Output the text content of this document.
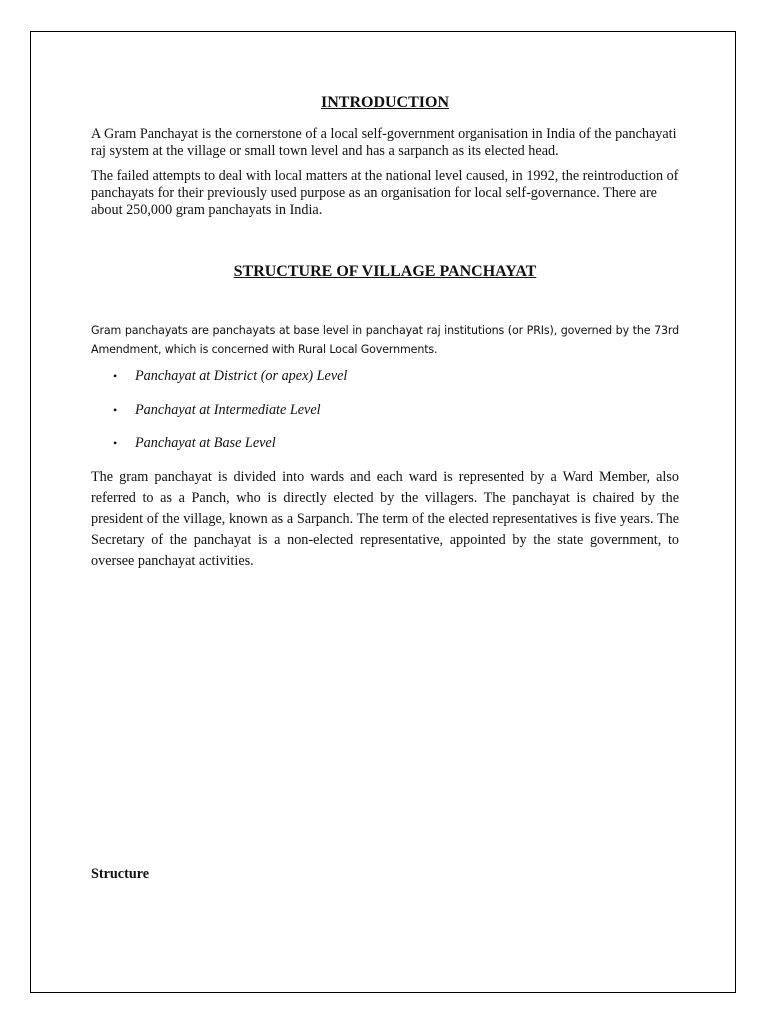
INTRODUCTION

A Gram Panchayat is the cornerstone of a local self-government organisation in India of the panchayati raj system at the village or small town level and has a sarpanch as its elected head.

The failed attempts to deal with local matters at the national level caused, in 1992, the reintroduction of panchayats for their previously used purpose as an organisation for local self-governance. There are about 250,000 gram panchayats in India.

STRUCTURE OF VILLAGE PANCHAYAT

Gram panchayats are panchayats at base level in panchayat raj institutions (or PRIs), governed by the 73rd Amendment, which is concerned with Rural Local Governments.

• Panchayat at District (or apex) Level
• Panchayat at Intermediate Level
• Panchayat at Base Level

The gram panchayat is divided into wards and each ward is represented by a Ward Member, also referred to as a Panch, who is directly elected by the villagers. The panchayat is chaired by the president of the village, known as a Sarpanch. The term of the elected representatives is five years. The Secretary of the panchayat is a non-elected representative, appointed by the state government, to oversee panchayat activities.

Structure
